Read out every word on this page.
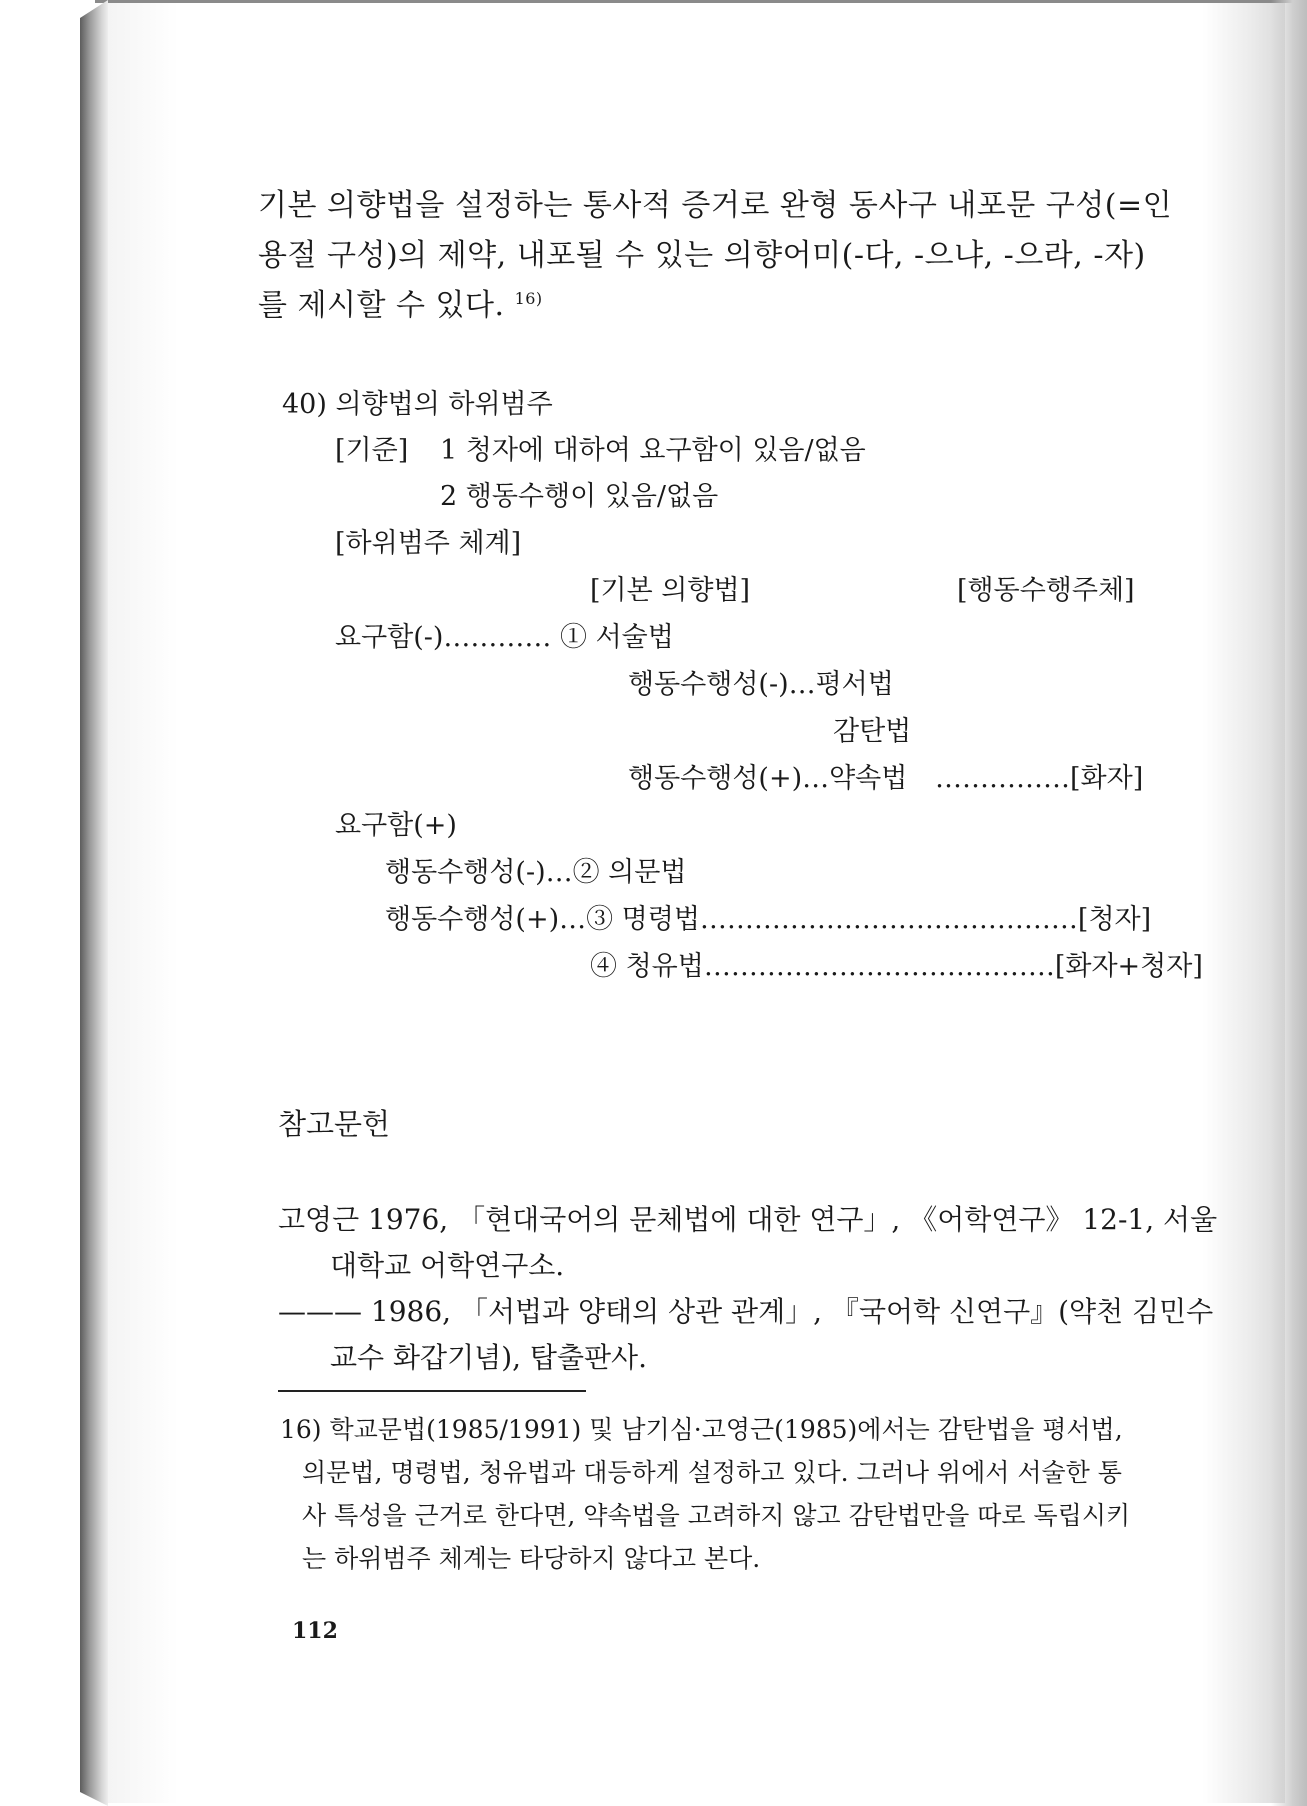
기본 의향법을 설정하는 통사적 증거로 완형 동사구 내포문 구성(=인
용절 구성)의 제약, 내포될 수 있는 의향어미(-다, -으냐, -으라, -자)
를 제시할 수 있다. $^{16)}$
40) 의향법의 하위범주
[기준] 1 청자에 대하여 요구함이 있음/없음
2 행동수행이 있음/없음
[하위범주 체계]
[기본 의향법]	[행동수행주체]
요구함(-)………… ① 서술법
행동수행성(-)…평서법
감탄법
행동수행성(+)…약속법 ……………[화자]
요구함(+)
행동수행성(-)…② 의문법
행동수행성(+)…③ 명령법……………………………………[청자]
④ 청유법…………………………………[화자+청자]
참고문헌
고영근 1976, 「현대국어의 문체법에 대한 연구」, 《어학연구》 12-1, 서울
대학교 어학연구소.
——— 1986, 「서법과 양태의 상관 관계」, 『국어학 신연구』(약천 김민수
교수 화갑기념), 탑출판사.
16) 학교문법(1985/1991) 및 남기심·고영근(1985)에서는 감탄법을 평서법,
의문법, 명령법, 청유법과 대등하게 설정하고 있다. 그러나 위에서 서술한 통
사 특성을 근거로 한다면, 약속법을 고려하지 않고 감탄법만을 따로 독립시키
는 하위범주 체계는 타당하지 않다고 본다.
112
